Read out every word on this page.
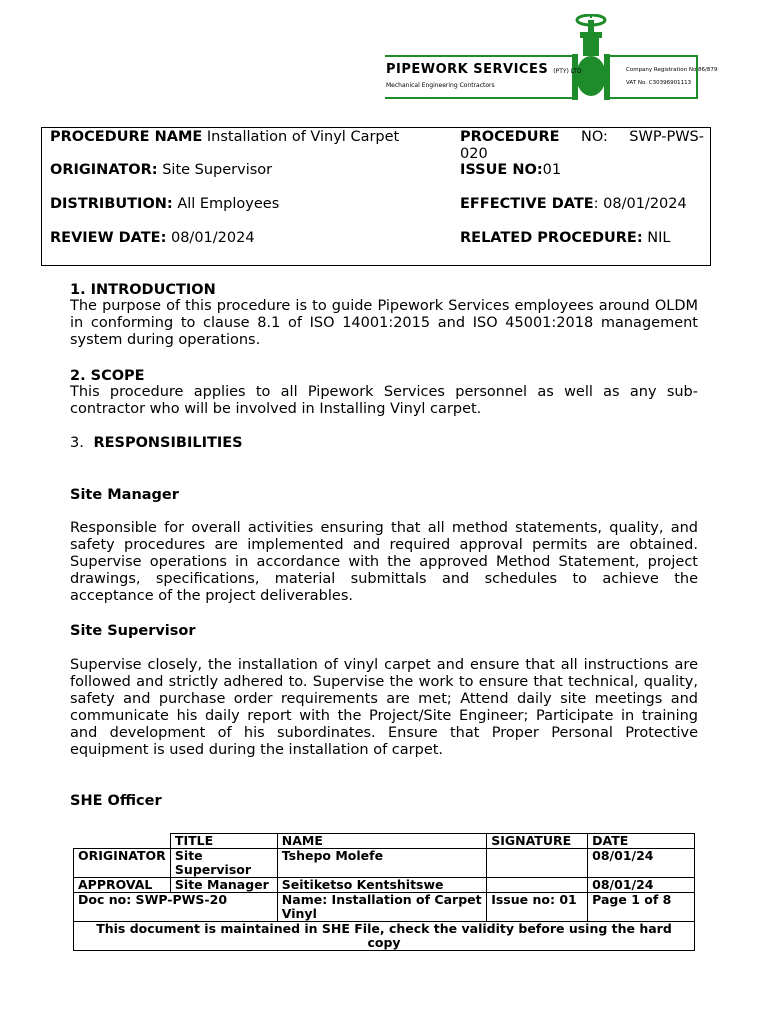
PIPEWORK SERVICES (PTY) LTD
Mechanical Engineering Contractors
Company Registration No 86/879
VAT No. C30396901113
PROCEDURE NAME Installation of Vinyl Carpet	PROCEDURE NO: SWP-PWS-
020
ORIGINATOR: Site Supervisor	ISSUE NO:01
DISTRIBUTION: All Employees	EFFECTIVE DATE: 08/01/2024
REVIEW DATE: 08/01/2024	RELATED PROCEDURE: NIL
1. INTRODUCTION
The purpose of this procedure is to guide Pipework Services employees around OLDM in conforming to clause 8.1 of ISO 14001:2015 and ISO 45001:2018 management system during operations.
2. SCOPE
This procedure applies to all Pipework Services personnel as well as any sub-contractor who will be involved in Installing Vinyl carpet.
3. RESPONSIBILITIES
Site Manager
Responsible for overall activities ensuring that all method statements, quality, and safety procedures are implemented and required approval permits are obtained. Supervise operations in accordance with the approved Method Statement, project drawings, specifications, material submittals and schedules to achieve the acceptance of the project deliverables.
Site Supervisor
Supervise closely, the installation of vinyl carpet and ensure that all instructions are followed and strictly adhered to. Supervise the work to ensure that technical, quality, safety and purchase order requirements are met; Attend daily site meetings and communicate his daily report with the Project/Site Engineer; Participate in training and development of his subordinates. Ensure that Proper Personal Protective equipment is used during the installation of carpet.
SHE Officer
	TITLE	NAME	SIGNATURE	DATE
ORIGINATOR	Site Supervisor	Tshepo Molefe		08/01/24
APPROVAL	Site Manager	Seitiketso Kentshitswe		08/01/24
Doc no: SWP-PWS-20		Name: Installation of Carpet Vinyl	Issue no: 01	Page 1 of 8
This document is maintained in SHE File, check the validity before using the hard copy				
